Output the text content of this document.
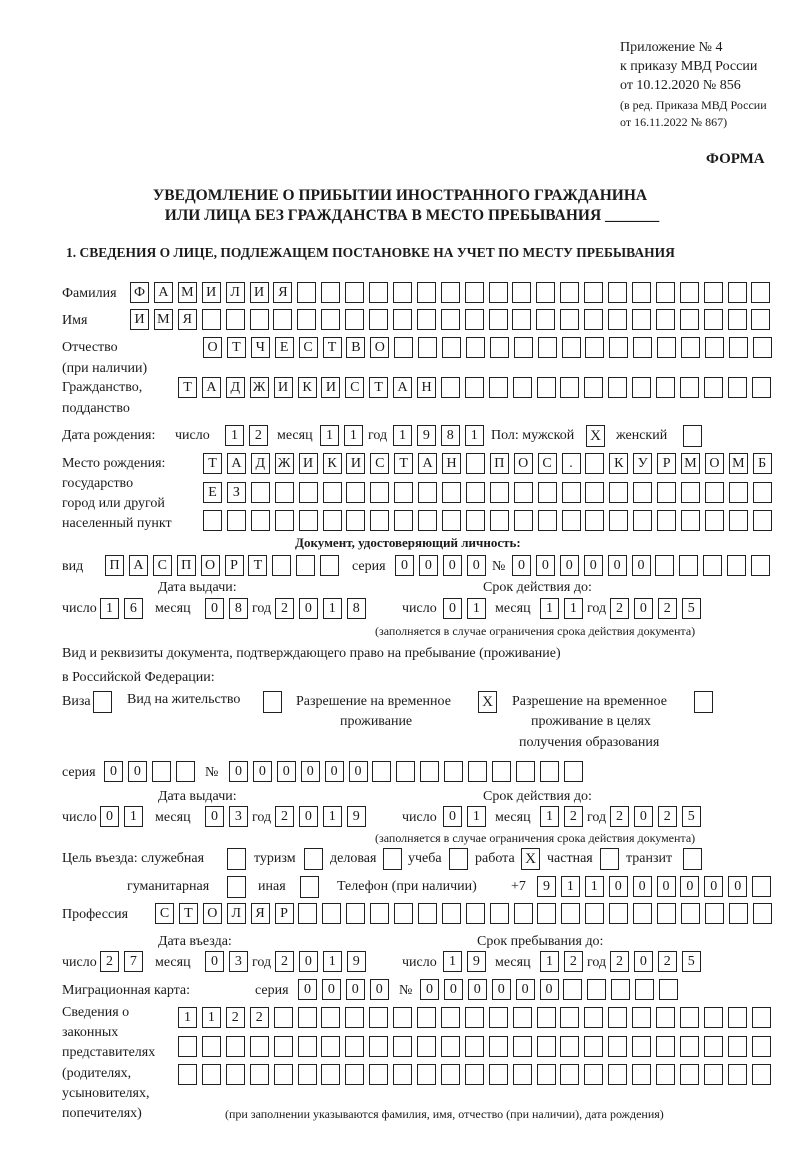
Приложение № 4
к приказу МВД России
от 10.12.2020 № 856
(в ред. Приказа МВД России
от 16.11.2022 № 867)
ФОРМА
УВЕДОМЛЕНИЕ О ПРИБЫТИИ ИНОСТРАННОГО ГРАЖДАНИНА
ИЛИ ЛИЦА БЕЗ ГРАЖДАНСТВА В МЕСТО ПРЕБЫВАНИЯ _______
1. СВЕДЕНИЯ О ЛИЦЕ, ПОДЛЕЖАЩЕМ ПОСТАНОВКЕ НА УЧЕТ ПО МЕСТУ ПРЕБЫВАНИЯ
Фамилия Ф А М И	Л	И	Я
Имя	И М Я
Отчество
(при наличии)
О	Т	Ч	Е	С	Т	В	О
Гражданство,
подданство
Т	А	Д Ж И	К	И	С	Т	А Н
Дата рождения: число	1	2	месяц 1	1 год 1	9	8	1 Пол: мужской X женский
Место рождения:
государство
город или другой
населенный пункт
Т	А	Д Ж И	К	И	С	Т	А Н	П О	С	.	К	У	Р М О М Б
Е	З
Документ, удостоверяющий личность:
вид	П А	С	П О	Р	Т	серия	0	0	0	0 № 0	0	0	0	0	0
Дата выдачи:	Срок действия до:
число 1	6	месяц	0	8 год 2	0	1	8	число 0	1	месяц	1	1 год 2	0	2	5
(заполняется в случае ограничения срока действия документа)
Вид и реквизиты документа, подтверждающего право на пребывание (проживание)
в Российской Федерации:
Виза	Вид на жительство	Разрешение на временное
проживание
X Разрешение на временное
проживание в целях
получения образования
серия	0	0	№	0	0	0	0	0	0
Дата выдачи:	Срок действия до:
число 0	1	месяц	0	3 год 2	0	1	9	число 0	1	месяц	1	2 год 2	0	2	5
(заполняется в случае ограничения срока действия документа)
Цель въезда: служебная	туризм деловая учеба работа X частная транзит
гуманитарная	иная	Телефон (при наличии) +7	9	1	1	0	0	0	0	0	0
Профессия	С	Т	О	Л	Я	Р
Дата въезда:	Срок пребывания до:
число 2	7	месяц	0	3 год 2	0	1	9	число 1	9	месяц	1	2 год 2	0	2	5
Миграционная карта:	серия	0	0	0	0	№ 0	0	0	0	0	0
Сведения о
законных
представителях
(родителях,
усыновителях,
попечителях)
1	1	2	2
(при заполнении указываются фамилия, имя, отчество (при наличии), дата рождения)
